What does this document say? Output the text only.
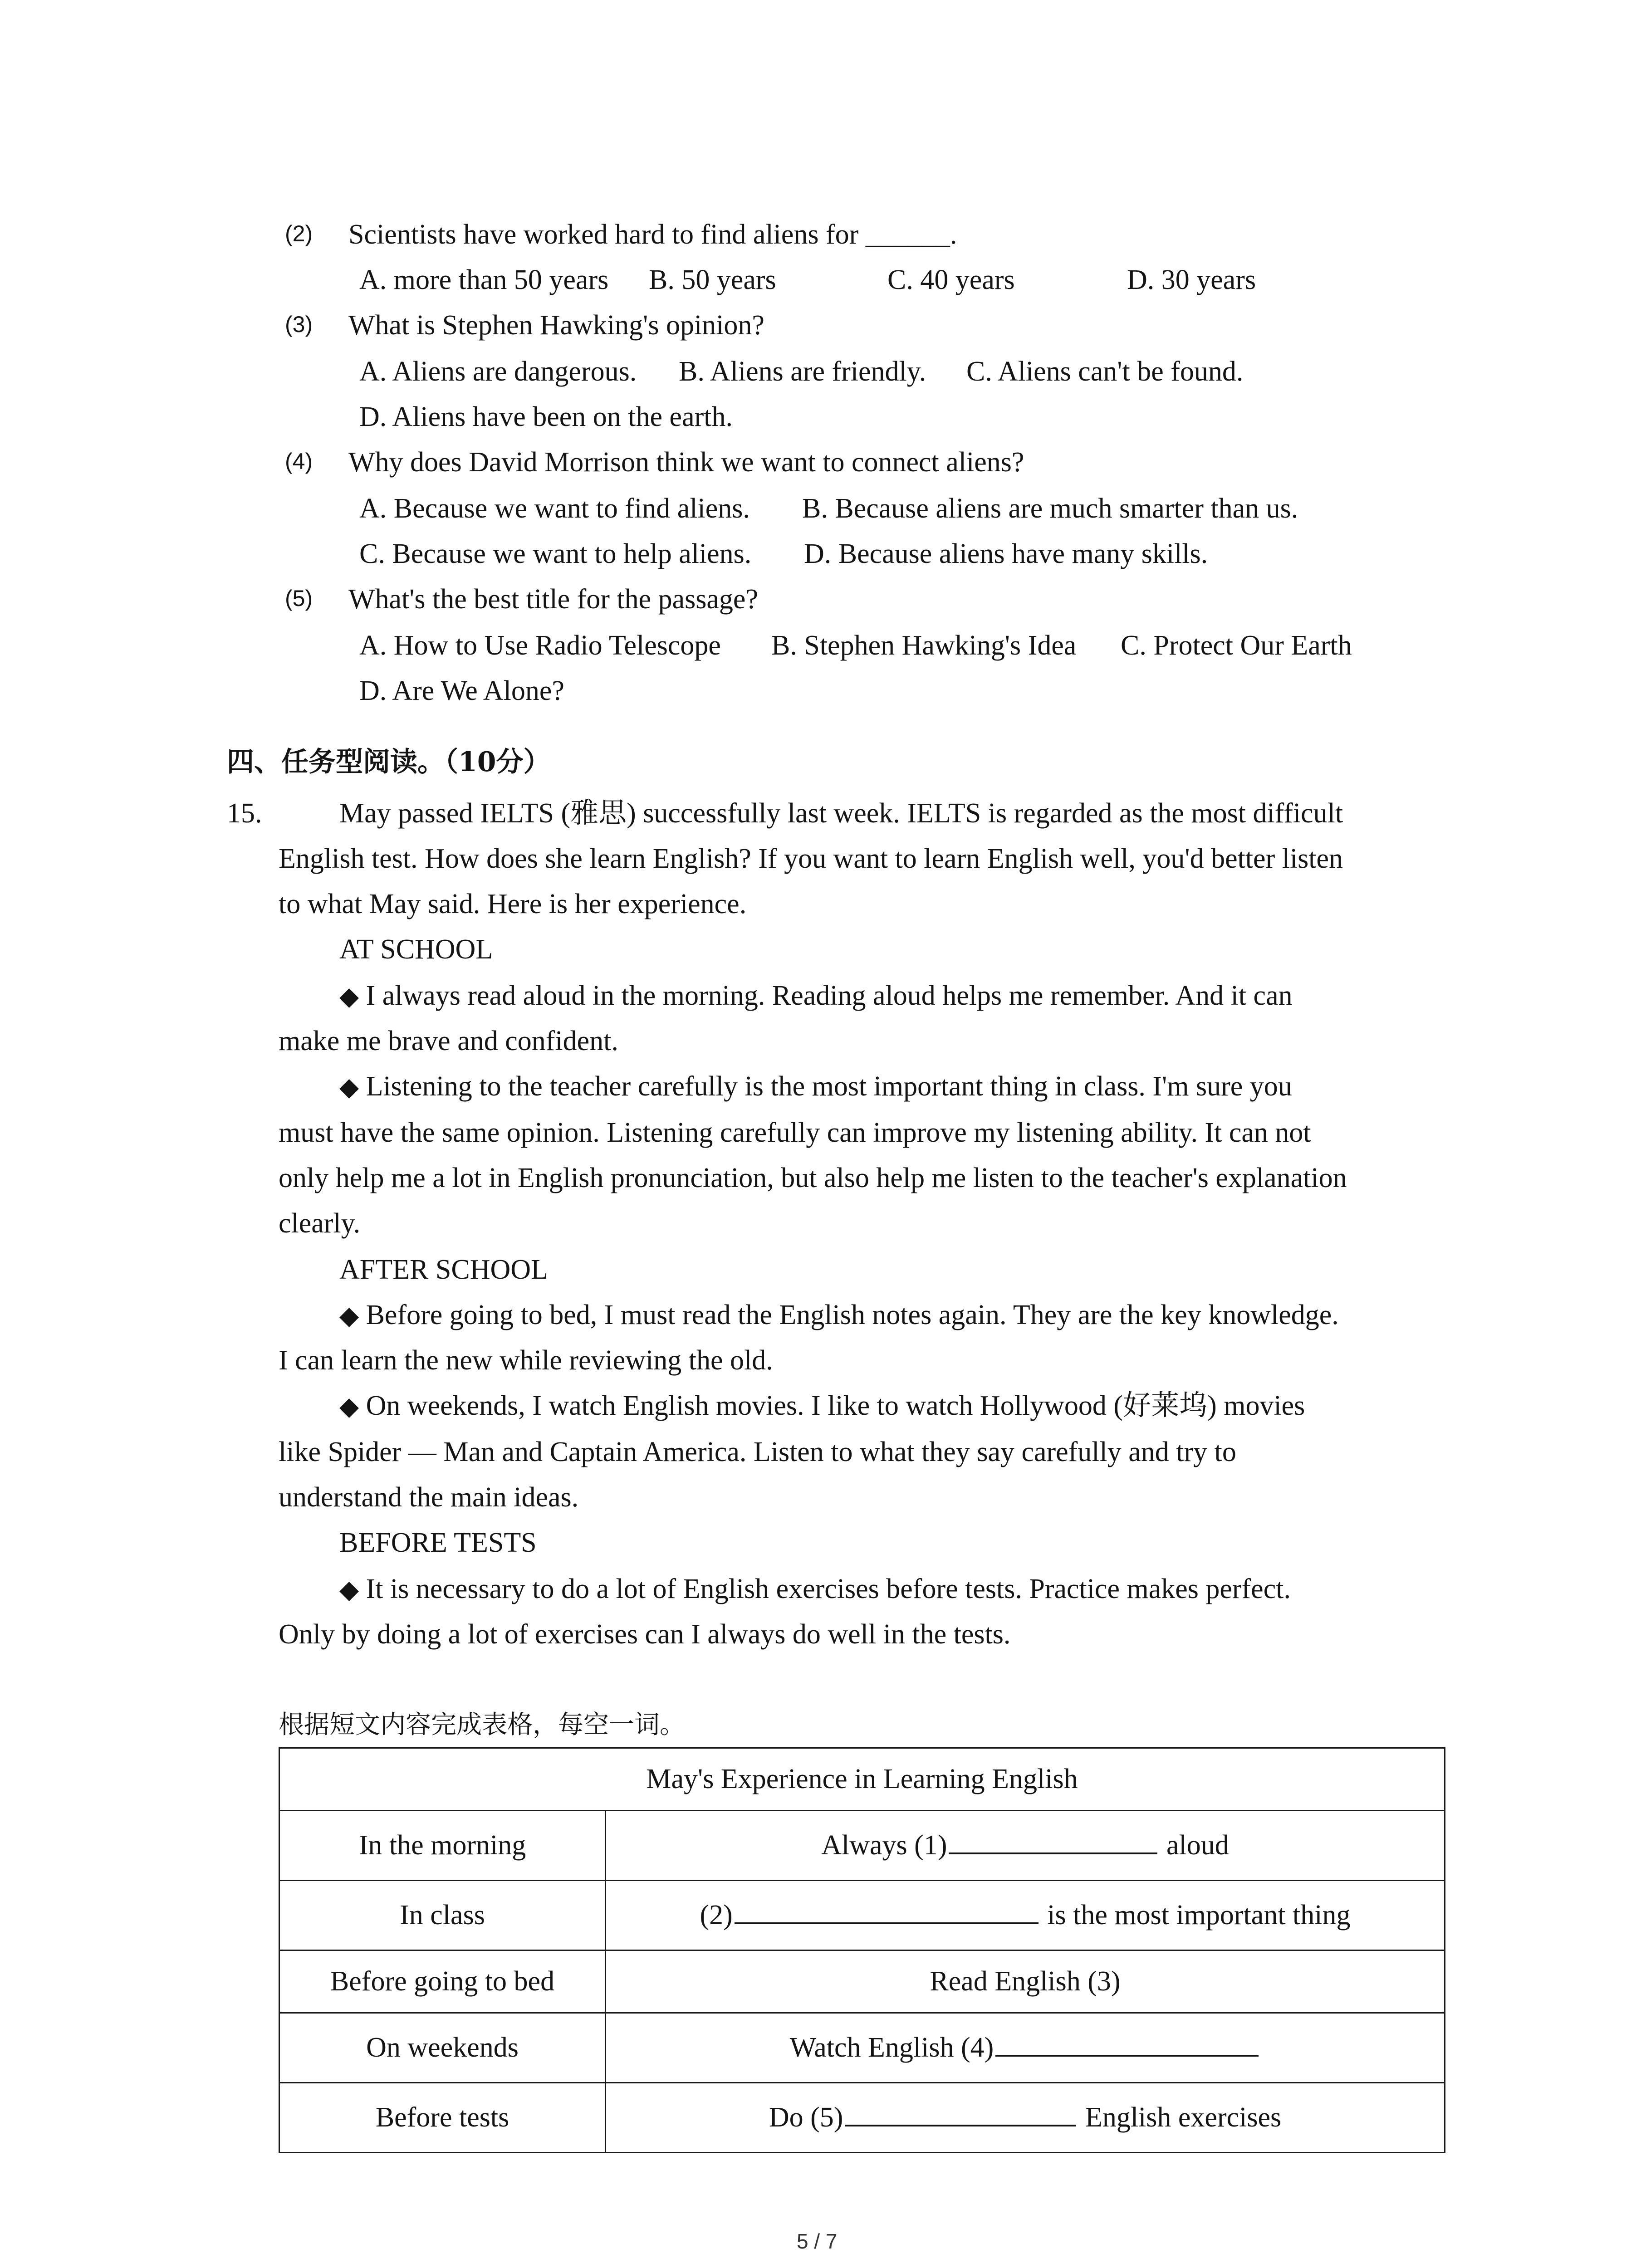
(2) Scientists have worked hard to find aliens for ______.
A. more than 50 years B. 50 years	C. 40 years	D. 30 years
(3) What is Stephen Hawking's opinion?
A. Aliens are dangerous. B. Aliens are friendly. C. Aliens can't be found.
D. Aliens have been on the earth.
(4) Why does David Morrison think we want to connect aliens?
A. Because we want to find aliens. B. Because aliens are much smarter than us.
C. Because we want to help aliens. D. Because aliens have many skills.
(5) What's the best title for the passage?
A. How to Use Radio Telescope B. Stephen Hawking's Idea C. Protect Our Earth
D. Are We Alone?
四、任务型阅读。（10分）
15.	May passed IELTS (雅思) successfully last week. IELTS is regarded as the most difficult
English test. How does she learn English? If you want to learn English well, you'd better listen
to what May said. Here is her experience.
AT SCHOOL
◆ I always read aloud in the morning. Reading aloud helps me remember. And it can
make me brave and confident.
◆ Listening to the teacher carefully is the most important thing in class. I'm sure you
must have the same opinion. Listening carefully can improve my listening ability. It can not
only help me a lot in English pronunciation, but also help me listen to the teacher's explanation
clearly.
AFTER SCHOOL
◆ Before going to bed, I must read the English notes again. They are the key knowledge.
I can learn the new while reviewing the old.
◆ On weekends, I watch English movies. I like to watch Hollywood (好莱坞) movies
like Spider — Man and Captain America. Listen to what they say carefully and try to
understand the main ideas.
BEFORE TESTS
◆ It is necessary to do a lot of English exercises before tests. Practice makes perfect.
Only by doing a lot of exercises can I always do well in the tests.
根据短文内容完成表格，每空一词。
May's Experience in Learning English	
In the morning	Always (1) aloud
In class	(2) is the most important thing
Before going to bed	Read English (3)
On weekends	Watch English (4)
Before tests	Do (5) English exercises
5 / 7
